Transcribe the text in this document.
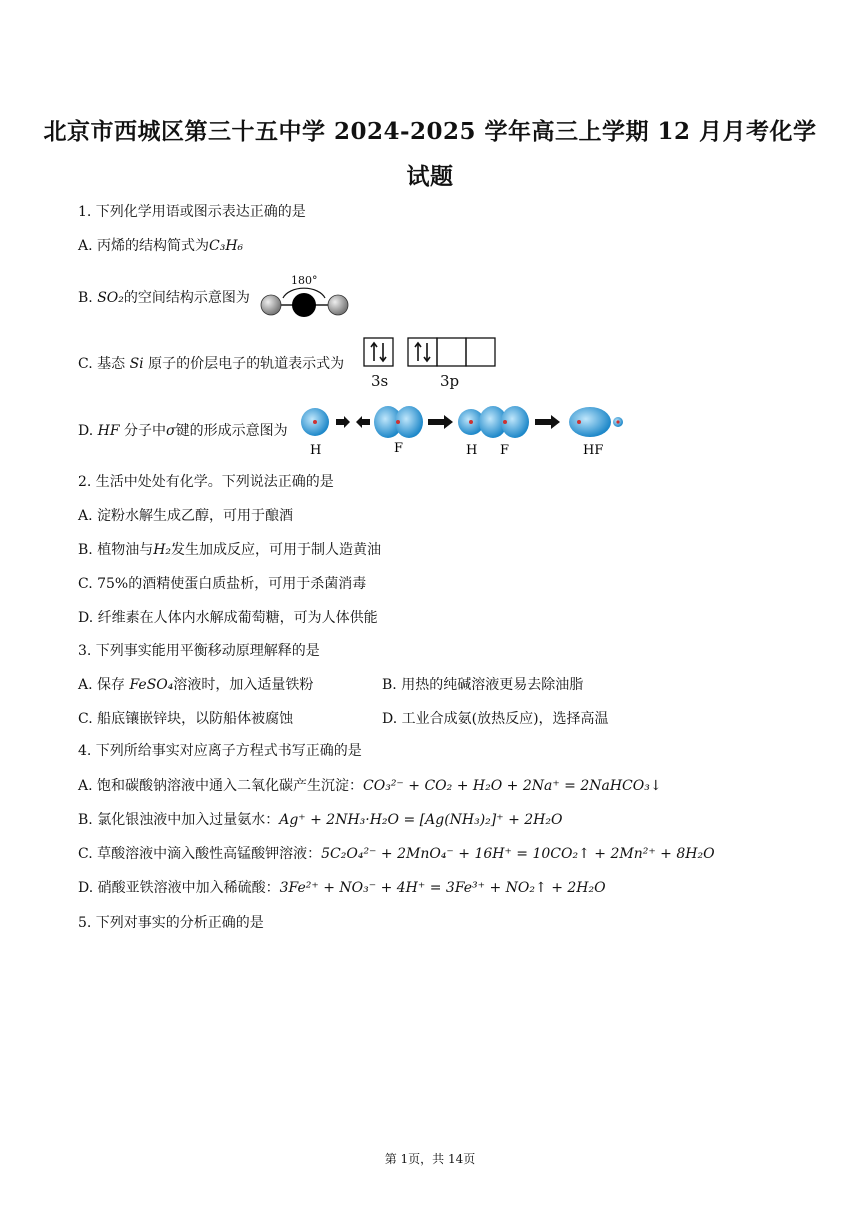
北京市西城区第三十五中学 2024-2025 学年高三上学期 12 月月考化学
试题
1. 下列化学用语或图示表达正确的是
A. 丙烯的结构简式为C₃H₆
B. SO₂的空间结构示意图为
180°
C. 基态 Si 原子的价层电子的轨道表示式为
3s	3p
D. HF 分子中σ键的形成示意图为
H	F	H F	HF
2. 生活中处处有化学。下列说法正确的是
A. 淀粉水解生成乙醇，可用于酿酒
B. 植物油与H₂发生加成反应，可用于制人造黄油
C. 75%的酒精使蛋白质盐析，可用于杀菌消毒
D. 纤维素在人体内水解成葡萄糖，可为人体供能
3. 下列事实能用平衡移动原理解释的是
A. 保存 FeSO₄溶液时，加入适量铁粉	B. 用热的纯碱溶液更易去除油脂
C. 船底镶嵌锌块，以防船体被腐蚀	D. 工业合成氨(放热反应)，选择高温
4. 下列所给事实对应离子方程式书写正确的是
A. 饱和碳酸钠溶液中通入二氧化碳产生沉淀：CO₃²⁻ + CO₂ + H₂O + 2Na⁺ = 2NaHCO₃↓
B. 氯化银浊液中加入过量氨水：Ag⁺ + 2NH₃·H₂O = [Ag(NH₃)₂]⁺ + 2H₂O
C. 草酸溶液中滴入酸性高锰酸钾溶液：5C₂O₄²⁻ + 2MnO₄⁻ + 16H⁺ = 10CO₂↑ + 2Mn²⁺ + 8H₂O
D. 硝酸亚铁溶液中加入稀硫酸：3Fe²⁺ + NO₃⁻ + 4H⁺ = 3Fe³⁺ + NO₂↑ + 2H₂O
5. 下列对事实的分析正确的是
第 1页，共 14页
